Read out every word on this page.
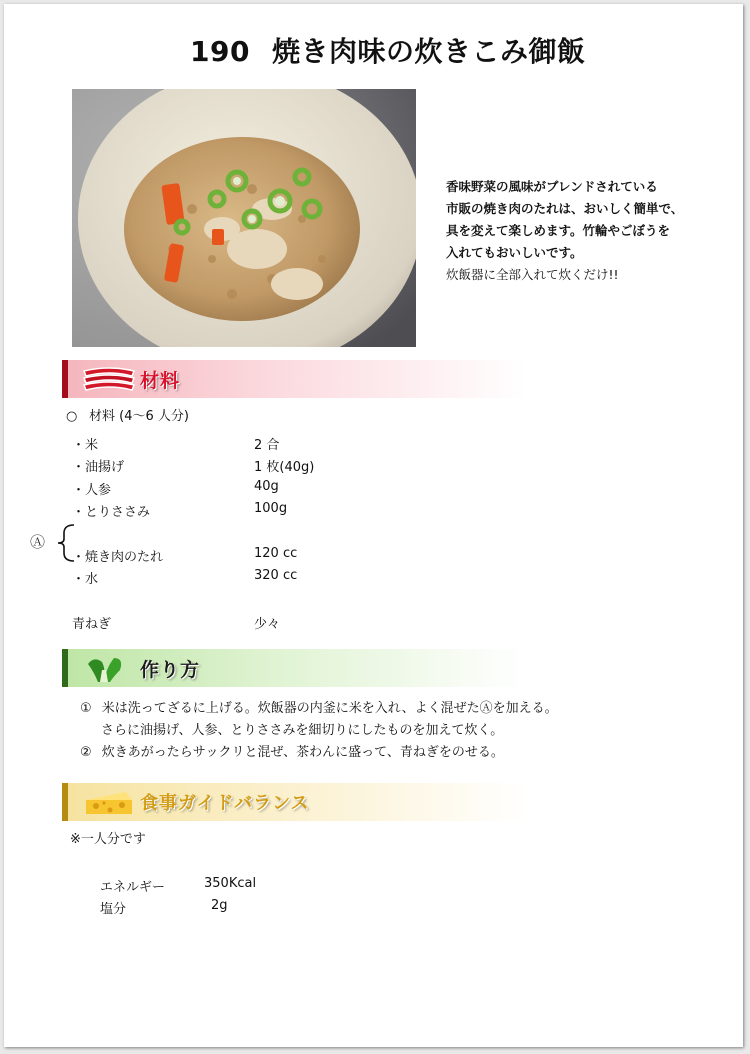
190 焼き肉味の炊きこみ御飯
香味野菜の風味がブレンドされている
市販の焼き肉のたれは、おいしく簡単で、
具を変えて楽しめます。竹輪やごぼうを
入れてもおいしいです。
炊飯器に全部入れて炊くだけ!!
材料
○ 材料 (4～6 人分)
・米	2 合
・油揚げ	1 枚(40g)
・人参	40g
・とりささみ	100g
Ⓐ
・焼き肉のたれ	120 cc
・水	320 cc
青ねぎ	少々
作り方
① 米は洗ってざるに上げる。炊飯器の内釜に米を入れ、よく混ぜたⒶを加える。
さらに油揚げ、人参、とりささみを細切りにしたものを加えて炊く。
② 炊きあがったらサックリと混ぜ、茶わんに盛って、青ねぎをのせる。
食事ガイドバランス
※一人分です
エネルギー	350Kcal
塩分	2g
